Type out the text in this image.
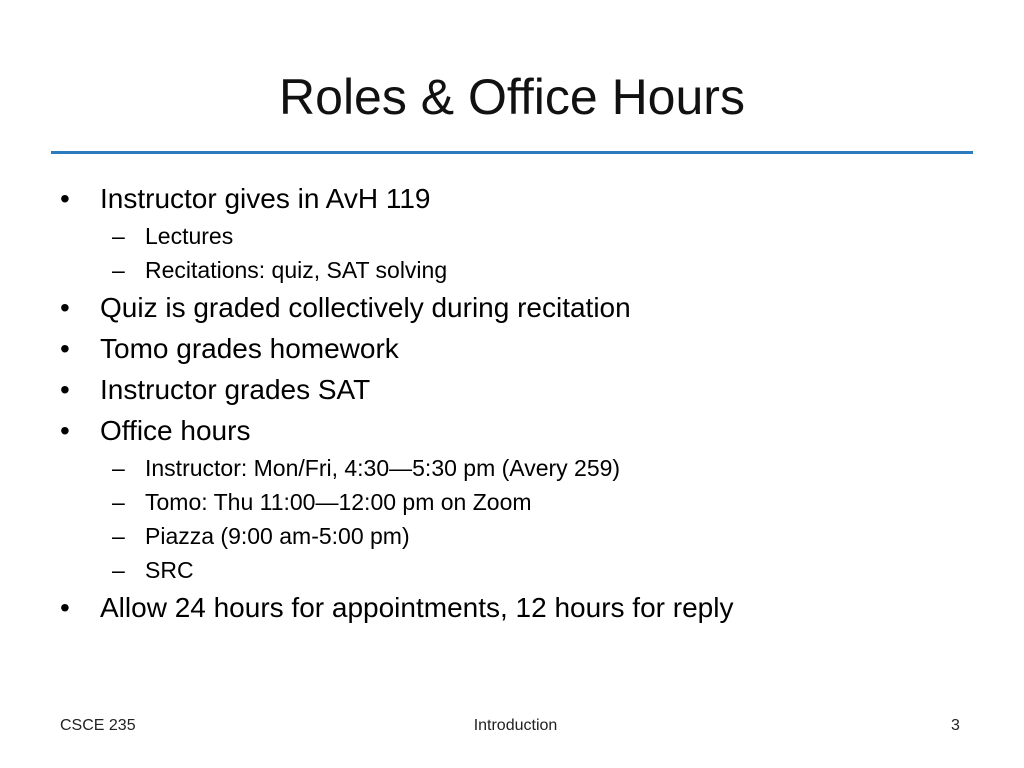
Roles & Office Hours
• Instructor gives in AvH 119
– Lectures
– Recitations: quiz, SAT solving
• Quiz is graded collectively during recitation
• Tomo grades homework
• Instructor grades SAT
• Office hours
– Instructor: Mon/Fri, 4:30—5:30 pm (Avery 259)
– Tomo: Thu 11:00—12:00 pm on Zoom
– Piazza (9:00 am-5:00 pm)
– SRC
• Allow 24 hours for appointments, 12 hours for reply
CSCE 235	Introduction	3
